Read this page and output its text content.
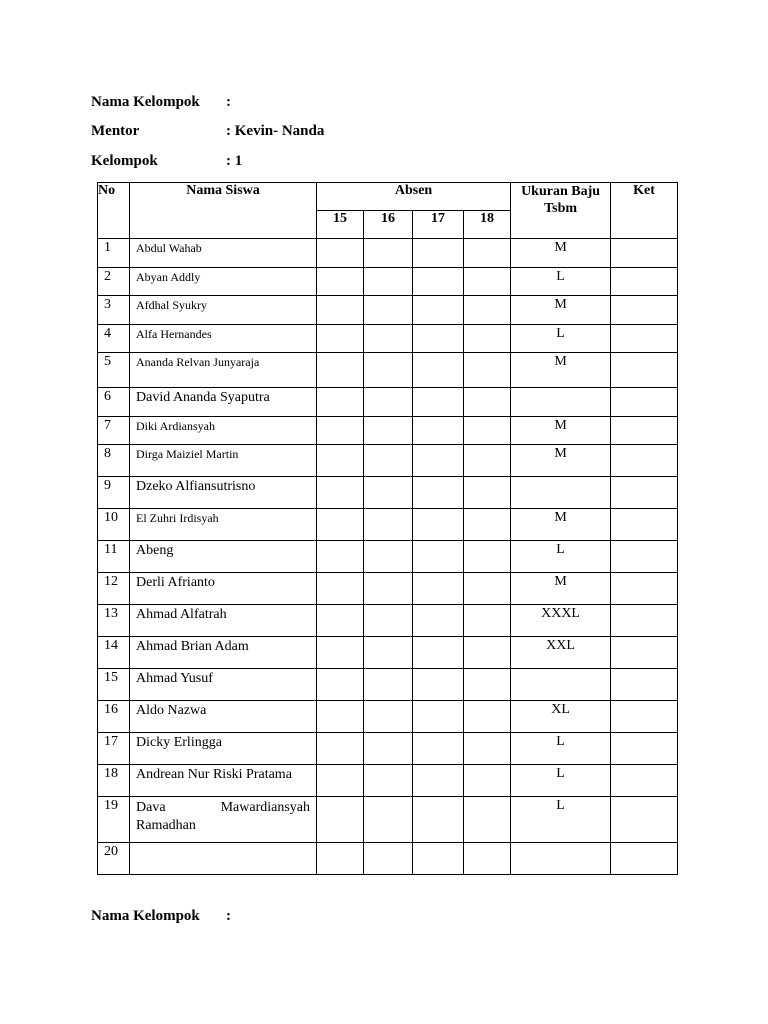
Nama Kelompok :
Mentor	: Kevin- Nanda
Kelompok	: 1
No	Nama Siswa	Absen				Ukuran Baju Tsbm	Ket
		15	16	17	18		
1	Abdul Wahab					M	
2	Abyan Addly					L	
3	Afdhal Syukry					M	
4	Alfa Hernandes					L	
5	Ananda Relvan Junyaraja					M	
6	David Ananda Syaputra						
7	Diki Ardiansyah					M	
8	Dirga Maiziel Martin					M	
9	Dzeko Alfiansutrisno						
10	El Zuhri Irdisyah					M	
11	Abeng					L	
12	Derli Afrianto					M	
13	Ahmad Alfatrah					XXXL	
14	Ahmad Brian Adam					XXL	
15	Ahmad Yusuf						
16	Aldo Nazwa					XL	
17	Dicky Erlingga					L	
18	Andrean Nur Riski Pratama					L	
19	Dava Mawardiansyah Ramadhan					L	
20							
Nama Kelompok :
